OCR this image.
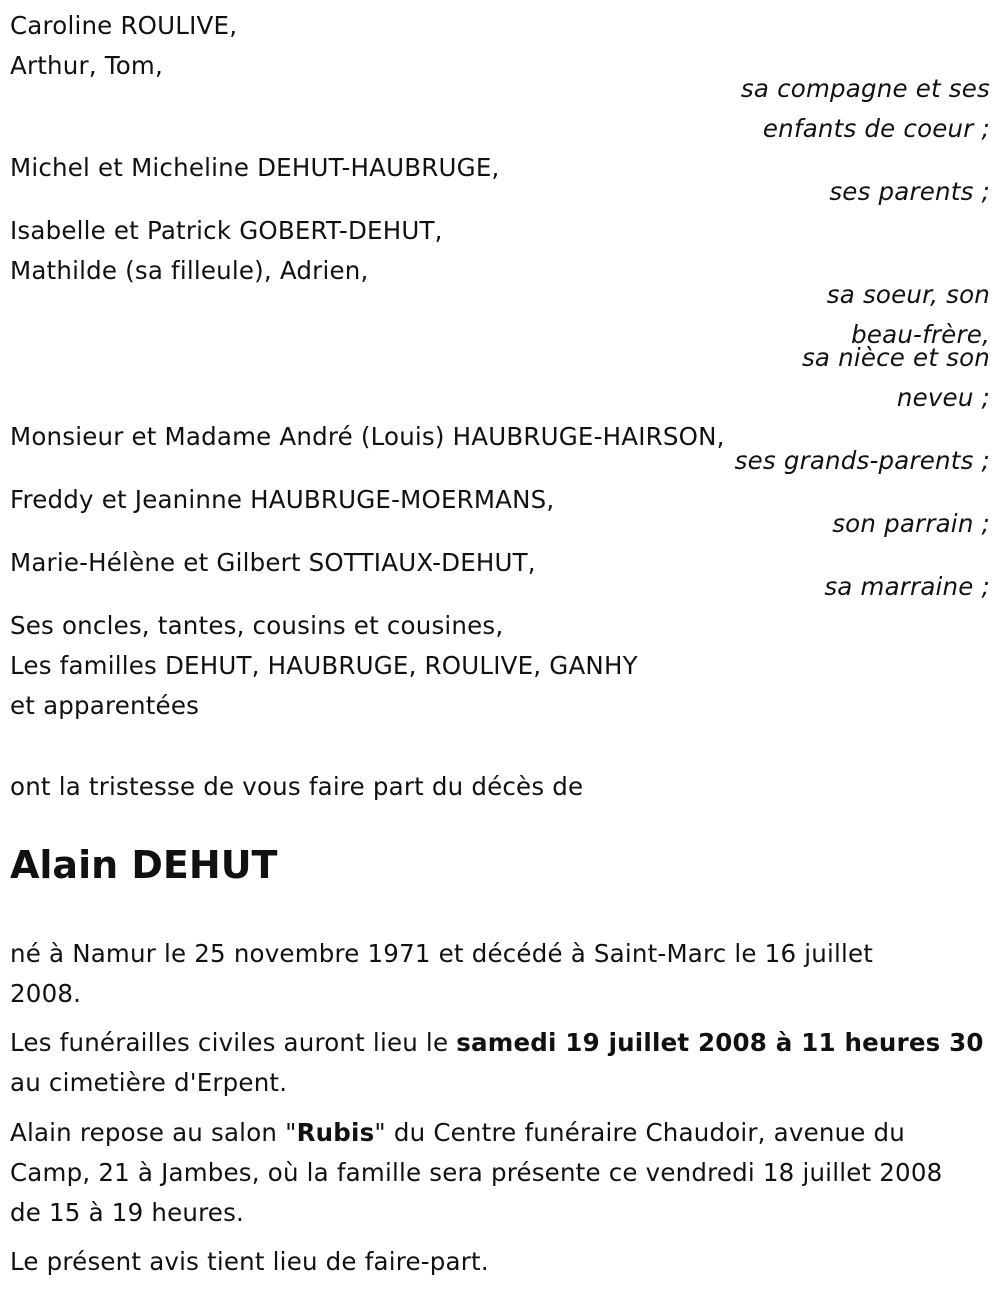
Caroline ROULIVE,
Arthur, Tom,
sa compagne et ses
enfants de coeur ;
Michel et Micheline DEHUT-HAUBRUGE,
ses parents ;
Isabelle et Patrick GOBERT-DEHUT,
Mathilde (sa filleule), Adrien,
sa soeur, son
beau-frère,
sa nièce et son
neveu ;
Monsieur et Madame André (Louis) HAUBRUGE-HAIRSON,
ses grands-parents ;
Freddy et Jeaninne HAUBRUGE-MOERMANS,
son parrain ;
Marie-Hélène et Gilbert SOTTIAUX-DEHUT,
sa marraine ;
Ses oncles, tantes, cousins et cousines,
Les familles DEHUT, HAUBRUGE, ROULIVE, GANHY
et apparentées
ont la tristesse de vous faire part du décès de
Alain DEHUT
né à Namur le 25 novembre 1971 et décédé à Saint-Marc le 16 juillet
2008.
Les funérailles civiles auront lieu le samedi 19 juillet 2008 à 11 heures 30
au cimetière d'Erpent.
Alain repose au salon "Rubis" du Centre funéraire Chaudoir, avenue du
Camp, 21 à Jambes, où la famille sera présente ce vendredi 18 juillet 2008
de 15 à 19 heures.
Le présent avis tient lieu de faire-part.
